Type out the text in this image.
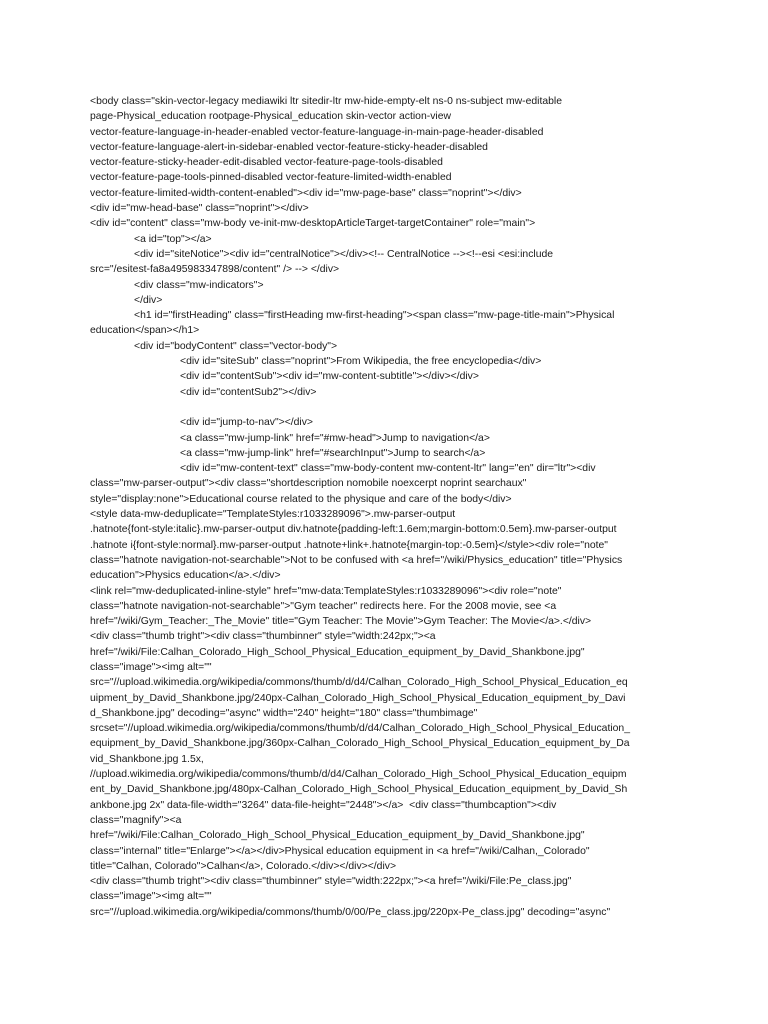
<body class="skin-vector-legacy mediawiki ltr sitedir-ltr mw-hide-empty-elt ns-0 ns-subject mw-editable
page-Physical_education rootpage-Physical_education skin-vector action-view
vector-feature-language-in-header-enabled vector-feature-language-in-main-page-header-disabled
vector-feature-language-alert-in-sidebar-enabled vector-feature-sticky-header-disabled
vector-feature-sticky-header-edit-disabled vector-feature-page-tools-disabled
vector-feature-page-tools-pinned-disabled vector-feature-limited-width-enabled
vector-feature-limited-width-content-enabled"><div id="mw-page-base" class="noprint"></div>
<div id="mw-head-base" class="noprint"></div>
<div id="content" class="mw-body ve-init-mw-desktopArticleTarget-targetContainer" role="main">
<a id="top"></a>
<div id="siteNotice"><div id="centralNotice"></div><!-- CentralNotice --><!--esi <esi:include
src="/esitest-fa8a495983347898/content" /> --> </div>
<div class="mw-indicators">
</div>
<h1 id="firstHeading" class="firstHeading mw-first-heading"><span class="mw-page-title-main">Physical
education</span></h1>
<div id="bodyContent" class="vector-body">
<div id="siteSub" class="noprint">From Wikipedia, the free encyclopedia</div>
<div id="contentSub"><div id="mw-content-subtitle"></div></div>
<div id="contentSub2"></div>
<div id="jump-to-nav"></div>
<a class="mw-jump-link" href="#mw-head">Jump to navigation</a>
<a class="mw-jump-link" href="#searchInput">Jump to search</a>
<div id="mw-content-text" class="mw-body-content mw-content-ltr" lang="en" dir="ltr"><div
class="mw-parser-output"><div class="shortdescription nomobile noexcerpt noprint searchaux"
style="display:none">Educational course related to the physique and care of the body</div>
<style data-mw-deduplicate="TemplateStyles:r1033289096">.mw-parser-output
.hatnote{font-style:italic}.mw-parser-output div.hatnote{padding-left:1.6em;margin-bottom:0.5em}.mw-parser-output
.hatnote i{font-style:normal}.mw-parser-output .hatnote+link+.hatnote{margin-top:-0.5em}</style><div role="note"
class="hatnote navigation-not-searchable">Not to be confused with <a href="/wiki/Physics_education" title="Physics
education">Physics education</a>.</div>
<link rel="mw-deduplicated-inline-style" href="mw-data:TemplateStyles:r1033289096"><div role="note"
class="hatnote navigation-not-searchable">"Gym teacher" redirects here. For the 2008 movie, see <a
href="/wiki/Gym_Teacher:_The_Movie" title="Gym Teacher: The Movie">Gym Teacher: The Movie</a>.</div>
<div class="thumb tright"><div class="thumbinner" style="width:242px;"><a
href="/wiki/File:Calhan_Colorado_High_School_Physical_Education_equipment_by_David_Shankbone.jpg"
class="image"><img alt=""
src="//upload.wikimedia.org/wikipedia/commons/thumb/d/d4/Calhan_Colorado_High_School_Physical_Education_eq
uipment_by_David_Shankbone.jpg/240px-Calhan_Colorado_High_School_Physical_Education_equipment_by_Davi
d_Shankbone.jpg" decoding="async" width="240" height="180" class="thumbimage"
srcset="//upload.wikimedia.org/wikipedia/commons/thumb/d/d4/Calhan_Colorado_High_School_Physical_Education_
equipment_by_David_Shankbone.jpg/360px-Calhan_Colorado_High_School_Physical_Education_equipment_by_Da
vid_Shankbone.jpg 1.5x,
//upload.wikimedia.org/wikipedia/commons/thumb/d/d4/Calhan_Colorado_High_School_Physical_Education_equipm
ent_by_David_Shankbone.jpg/480px-Calhan_Colorado_High_School_Physical_Education_equipment_by_David_Sh
ankbone.jpg 2x" data-file-width="3264" data-file-height="2448"></a>  <div class="thumbcaption"><div
class="magnify"><a
href="/wiki/File:Calhan_Colorado_High_School_Physical_Education_equipment_by_David_Shankbone.jpg"
class="internal" title="Enlarge"></a></div>Physical education equipment in <a href="/wiki/Calhan,_Colorado"
title="Calhan, Colorado">Calhan</a>, Colorado.</div></div></div>
<div class="thumb tright"><div class="thumbinner" style="width:222px;"><a href="/wiki/File:Pe_class.jpg"
class="image"><img alt=""
src="//upload.wikimedia.org/wikipedia/commons/thumb/0/00/Pe_class.jpg/220px-Pe_class.jpg" decoding="async"
